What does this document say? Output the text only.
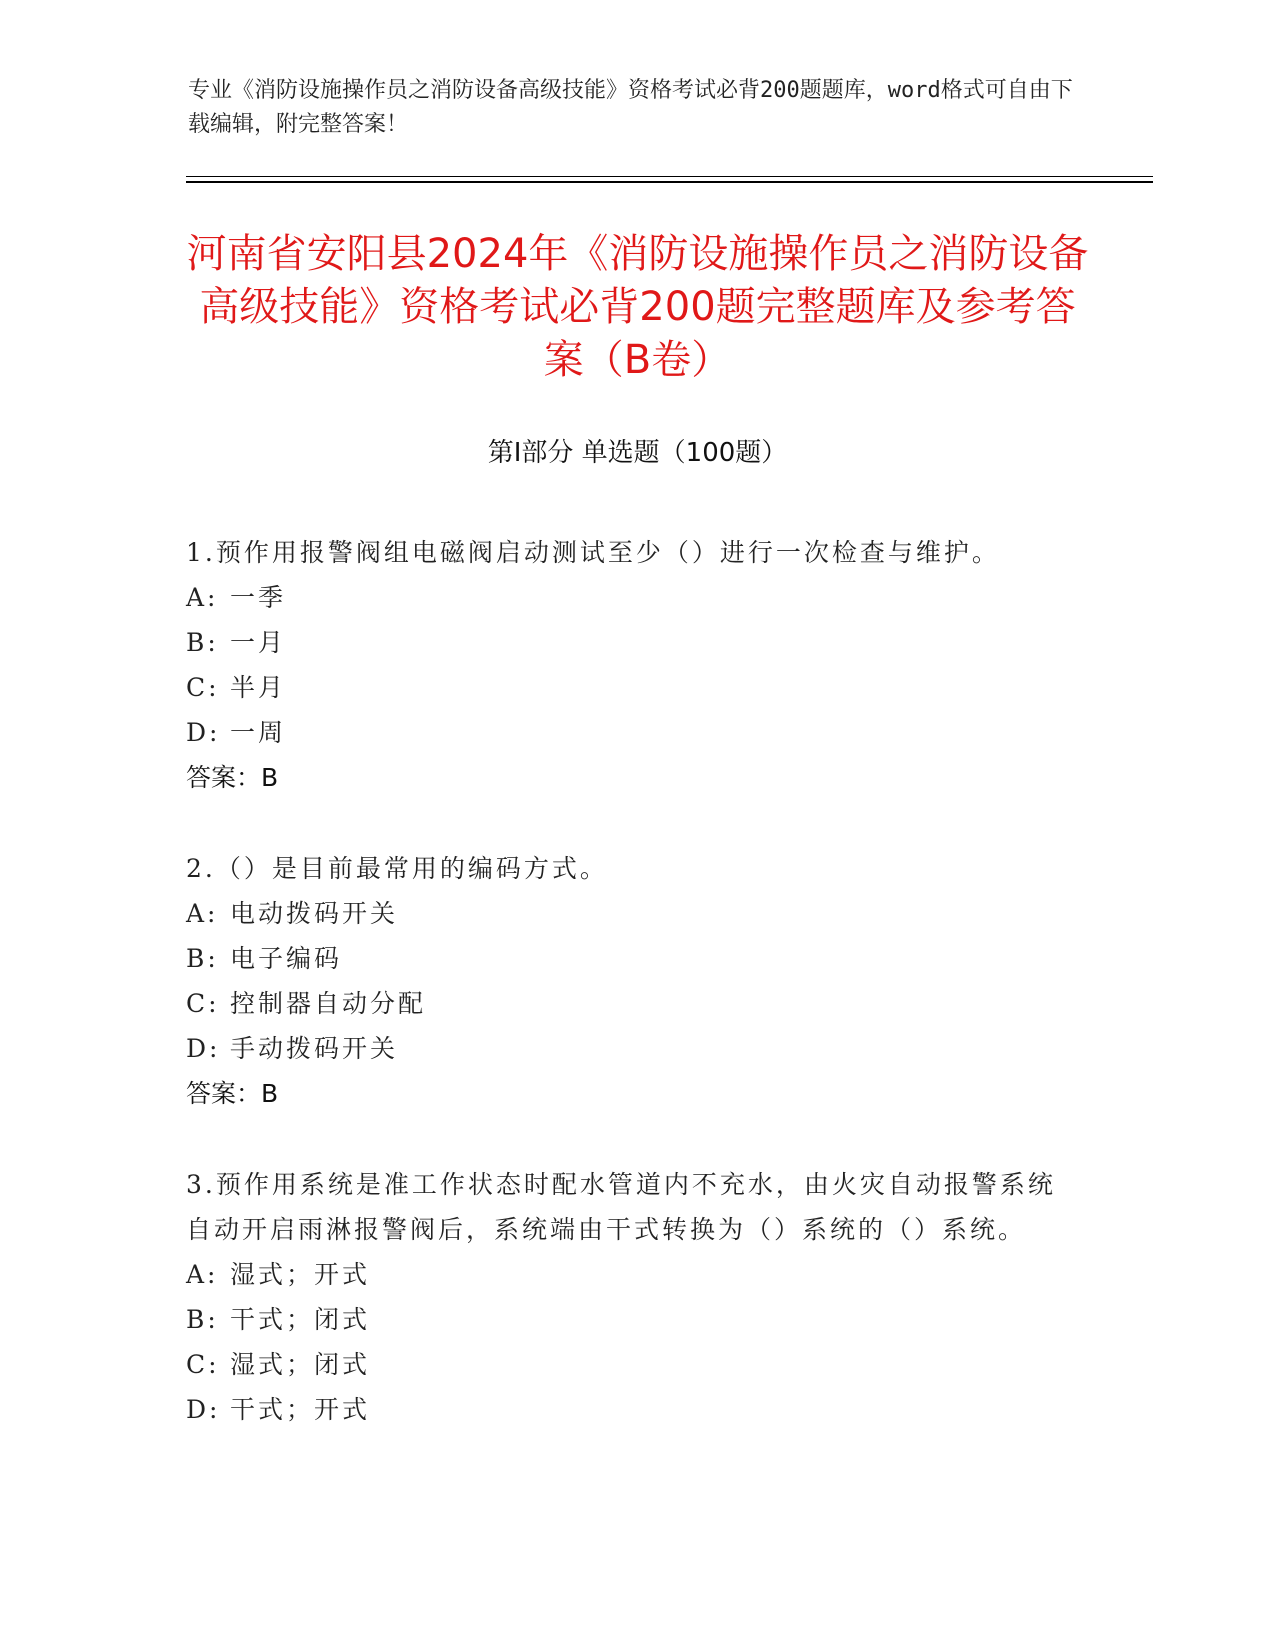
专业《消防设施操作员之消防设备高级技能》资格考试必背200题题库，word格式可自由下载编辑，附完整答案！
河南省安阳县2024年《消防设施操作员之消防设备高级技能》资格考试必背200题完整题库及参考答案（B卷）
第I部分 单选题（100题）
1.预作用报警阀组电磁阀启动测试至少（）进行一次检查与维护。
A: 一季
B: 一月
C: 半月
D: 一周
答案：B
2.（）是目前最常用的编码方式。
A: 电动拨码开关
B: 电子编码
C: 控制器自动分配
D: 手动拨码开关
答案：B
3.预作用系统是准工作状态时配水管道内不充水，由火灾自动报警系统自动开启雨淋报警阀后，系统端由干式转换为（）系统的（）系统。
A: 湿式；开式
B: 干式；闭式
C: 湿式；闭式
D: 干式；开式
